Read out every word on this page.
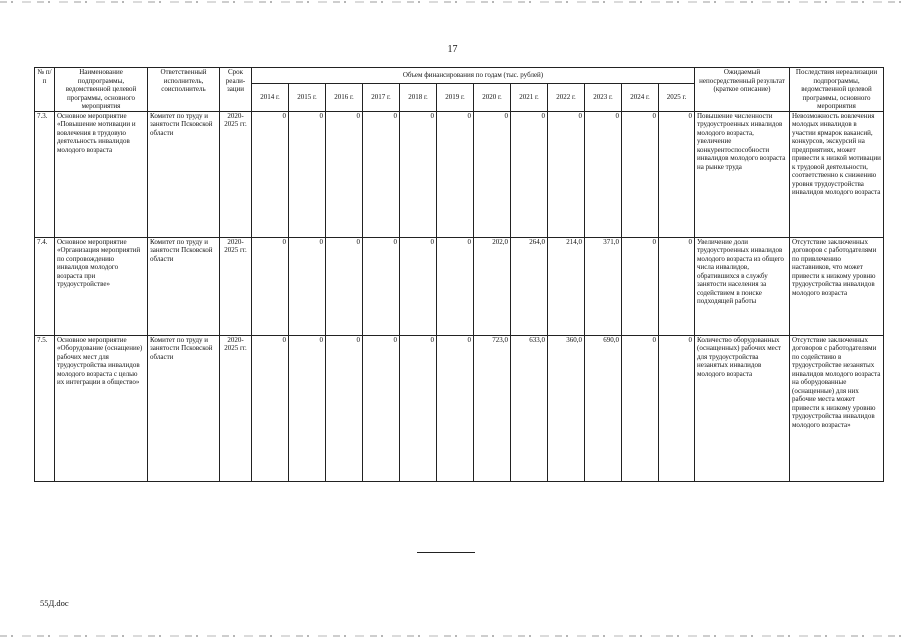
17
№ п/п	Наименование подпрограммы, ведомственной целевой программы, основного мероприятия	Ответственный исполнитель, соисполнитель	Срок реали-зации	Объем финансирования по годам (тыс. рублей)												Ожидаемый непосредственный результат (краткое описание)	Последствия нереализации подпрограммы, ведомственной целевой программы, основного мероприятия
				2014 г.	2015 г.	2016 г.	2017 г.	2018 г.	2019 г.	2020 г.	2021 г.	2022 г.	2023 г.	2024 г.	2025 г.		
7.3.	Основное мероприятие «Повышение мотивации и вовлечения в трудовую деятельность инвалидов молодого возраста	Комитет по труду и занятости Псковской области	2020-2025 гг.	0	0	0	0	0	0	0	0	0	0	0	0	Повышение численности трудоустроенных инвалидов молодого возраста, увеличение конкурентоспособности инвалидов молодого возраста на рынке труда	Невозможность вовлечения молодых инвалидов в участии ярмарок вакансий, конкурсов, экскурсий на предприятиях, может привести к низкой мотивации к трудовой деятельности, соответственно к снижению уровня трудоустройства инвалидов молодого возраста
7.4.	Основное мероприятие «Организация мероприятий по сопровождению инвалидов молодого возраста при трудоустройстве»	Комитет по труду и занятости Псковской области	2020-2025 гг.	0	0	0	0	0	0	202,0	264,0	214,0	371,0	0	0	Увеличение доли трудоустроенных инвалидов молодого возраста из общего числа инвалидов, обратившихся в службу занятости населения за содействием в поиске подходящей работы	Отсутствие заключенных договоров с работодателями по привлечению наставников, что может привести к низкому уровню трудоустройства инвалидов молодого возраста
7.5.	Основное мероприятие «Оборудование (оснащение) рабочих мест для трудоустройства инвалидов молодого возраста с целью их интеграции в общество»	Комитет по труду и занятости Псковской области	2020-2025 гг.	0	0	0	0	0	0	723,0	633,0	360,0	690,0	0	0	Количество оборудованных (оснащенных) рабочих мест для трудоустройства незанятых инвалидов молодого возраста	Отсутствие заключенных договоров с работодателями по содействию в трудоустройстве незанятых инвалидов молодого возраста на оборудованные (оснащенные) для них рабочие места может привести к низкому уровню трудоустройства инвалидов молодого возраста»
55Д.doc
